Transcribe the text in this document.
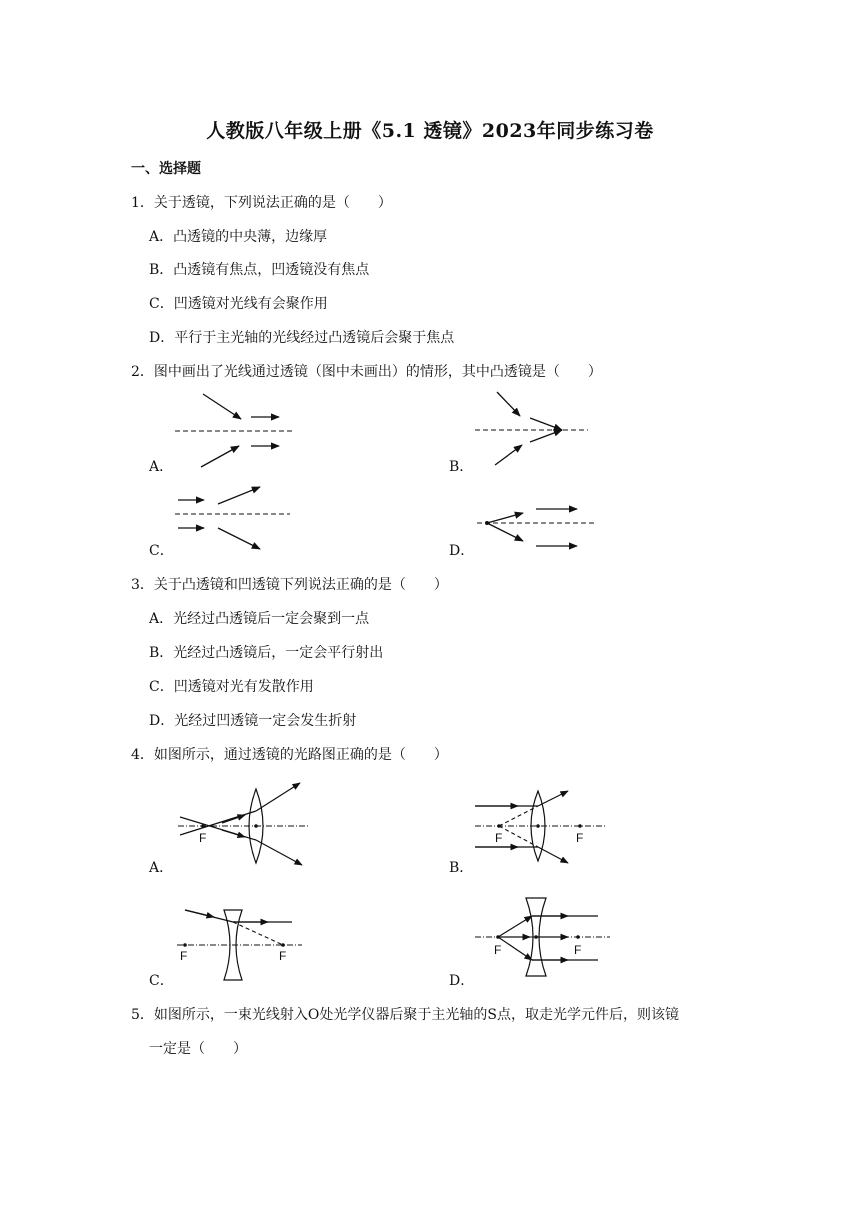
人教版八年级上册《5.1 透镜》2023年同步练习卷
一、选择题
1．关于透镜，下列说法正确的是（　　）
A．凸透镜的中央薄，边缘厚
B．凸透镜有焦点，凹透镜没有焦点
C．凹透镜对光线有会聚作用
D．平行于主光轴的光线经过凸透镜后会聚于焦点
2．图中画出了光线通过透镜（图中未画出）的情形，其中凸透镜是（　　）
A．	B．
C．	D．
3．关于凸透镜和凹透镜下列说法正确的是（　　）
A．光经过凸透镜后一定会聚到一点
B．光经过凸透镜后，一定会平行射出
C．凹透镜对光有发散作用
D．光经过凹透镜一定会发生折射
4．如图所示，通过透镜的光路图正确的是（　　）
A．
F
B．
F	F
C．
F	F
D．
F	F
5．如图所示，一束光线射入O处光学仪器后聚于主光轴的S点，取走光学元件后，则该镜
一定是（　　）
